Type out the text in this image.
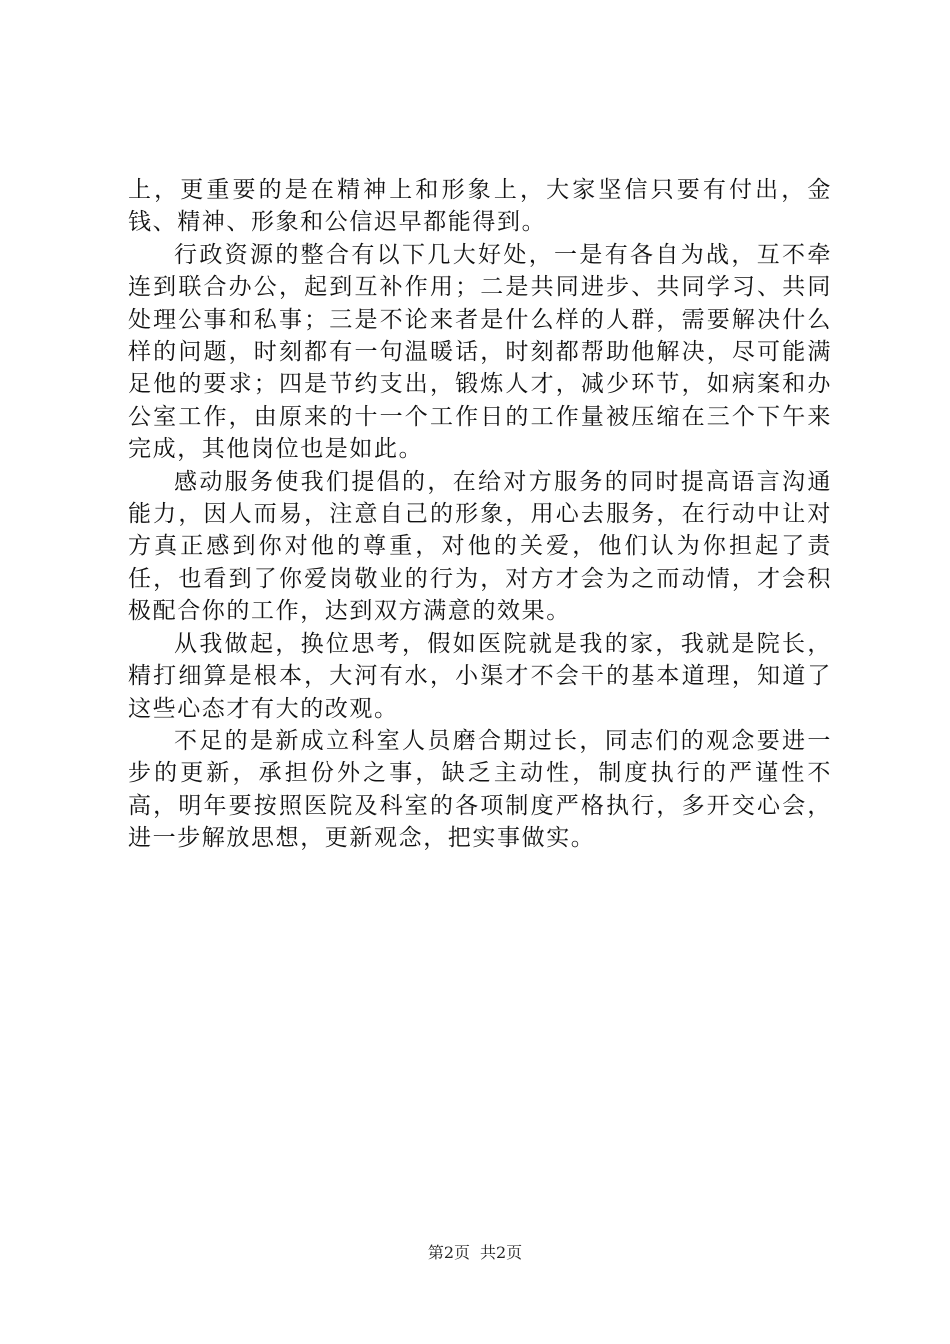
上，更重要的是在精神上和形象上，大家坚信只要有付出，金钱、精神、形象和公信迟早都能得到。

行政资源的整合有以下几大好处，一是有各自为战，互不牵连到联合办公，起到互补作用；二是共同进步、共同学习、共同处理公事和私事；三是不论来者是什么样的人群，需要解决什么样的问题，时刻都有一句温暖话，时刻都帮助他解决，尽可能满足他的要求；四是节约支出，锻炼人才，减少环节，如病案和办公室工作，由原来的十一个工作日的工作量被压缩在三个下午来完成，其他岗位也是如此。

感动服务使我们提倡的，在给对方服务的同时提高语言沟通能力，因人而易，注意自己的形象，用心去服务，在行动中让对方真正感到你对他的尊重，对他的关爱，他们认为你担起了责任，也看到了你爱岗敬业的行为，对方才会为之而动情，才会积极配合你的工作，达到双方满意的效果。

从我做起，换位思考，假如医院就是我的家，我就是院长，精打细算是根本，大河有水，小渠才不会干的基本道理，知道了这些心态才有大的改观。

不足的是新成立科室人员磨合期过长，同志们的观念要进一步的更新，承担份外之事，缺乏主动性，制度执行的严谨性不高，明年要按照医院及科室的各项制度严格执行，多开交心会，进一步解放思想，更新观念，把实事做实。

第2页 共2页
